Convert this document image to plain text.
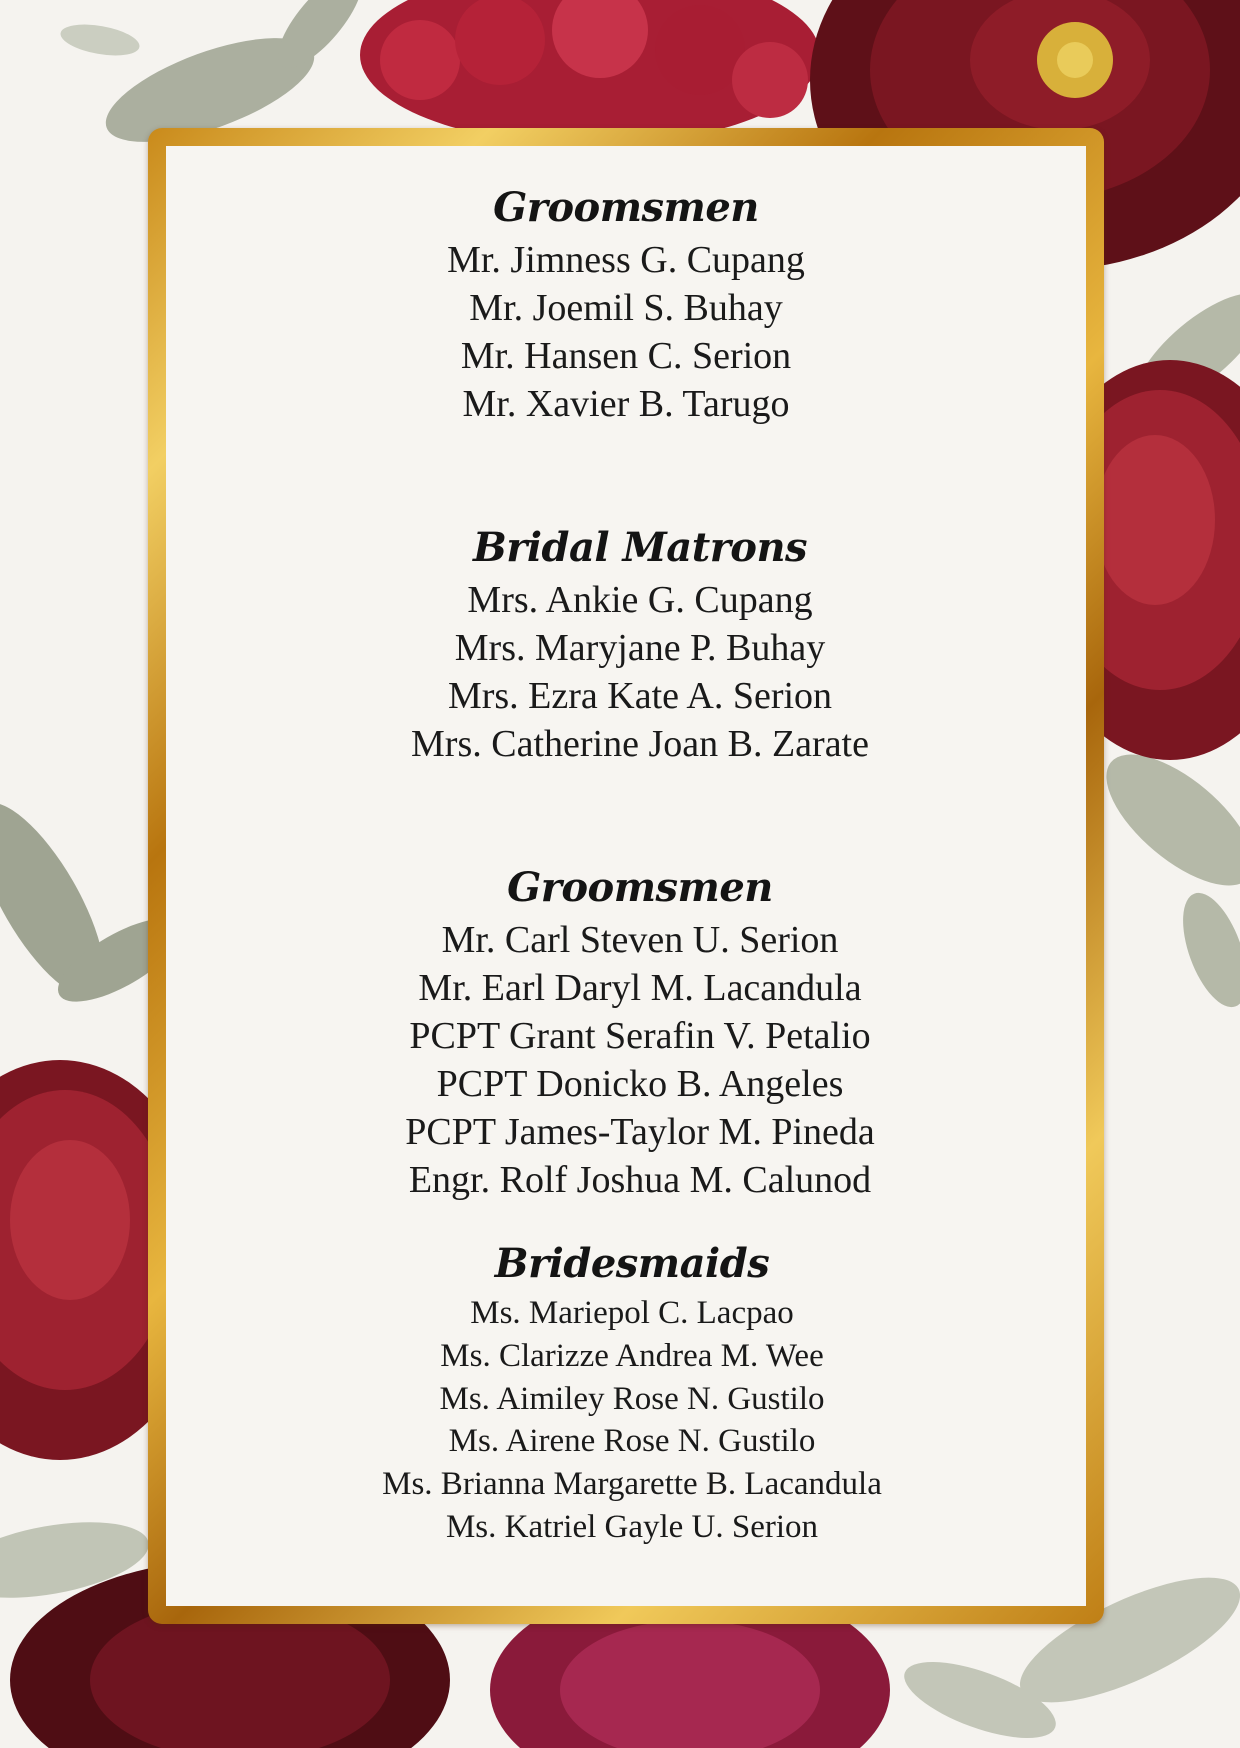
Groomsmen
Mr. Jimness G. Cupang
Mr. Joemil S. Buhay
Mr. Hansen C. Serion
Mr. Xavier B. Tarugo
Bridal Matrons
Mrs. Ankie G. Cupang
Mrs. Maryjane P. Buhay
Mrs. Ezra Kate A. Serion
Mrs. Catherine Joan B. Zarate
Groomsmen
Mr. Carl Steven U. Serion
Mr. Earl Daryl M. Lacandula
PCPT Grant Serafin V. Petalio
PCPT Donicko B. Angeles
PCPT James-Taylor M. Pineda
Engr. Rolf Joshua M. Calunod
Bridesmaids
Ms. Mariepol C. Lacpao
Ms. Clarizze Andrea M. Wee
Ms. Aimiley Rose N. Gustilo
Ms. Airene Rose N. Gustilo
Ms. Brianna Margarette B. Lacandula
Ms. Katriel Gayle U. Serion
